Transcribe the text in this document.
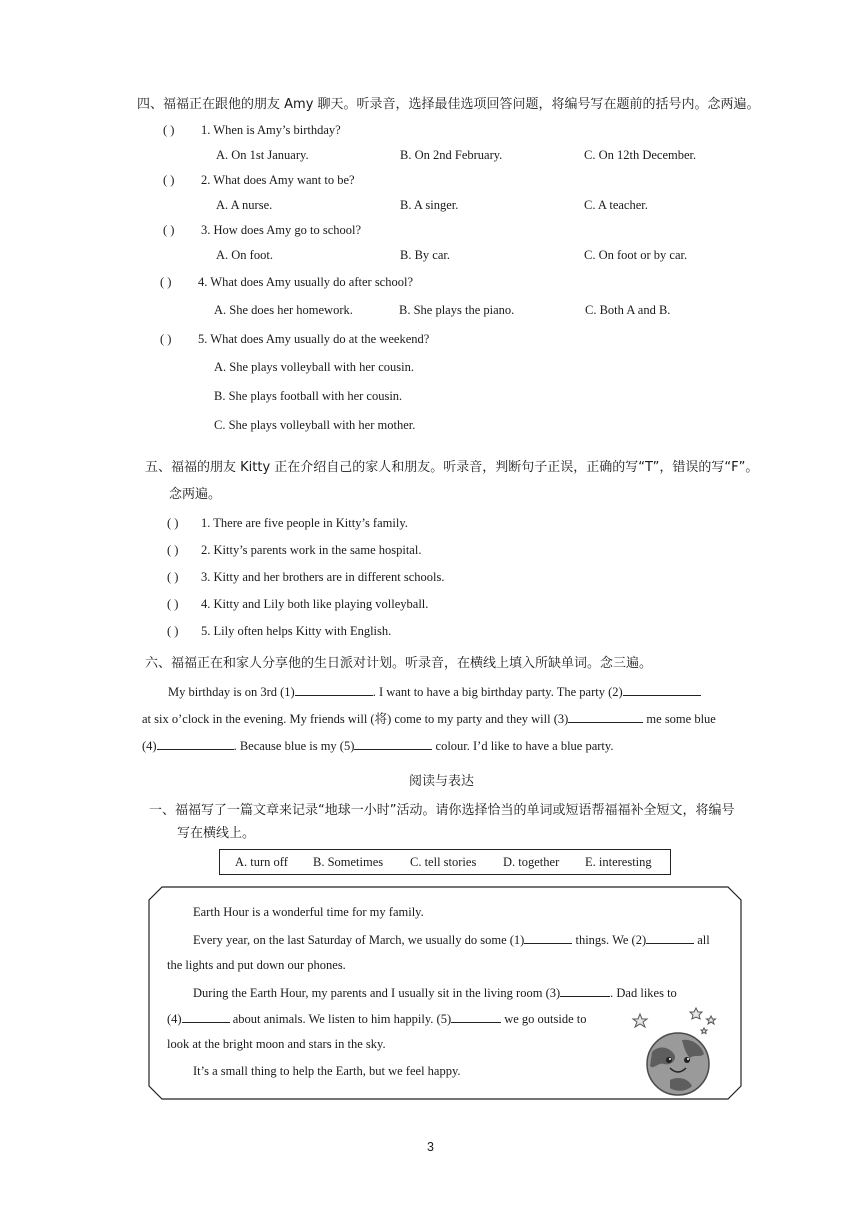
四、福福正在跟他的朋友 Amy 聊天。听录音，选择最佳选项回答问题，将编号写在题前的括号内。念两遍。
( ) 1. When is Amy’s birthday?
A. On 1st January.	B. On 2nd February.	C. On 12th December.
( ) 2. What does Amy want to be?
A. A nurse.	B. A singer.	C. A teacher.
( ) 3. How does Amy go to school?
A. On foot.	B. By car.	C. On foot or by car.
( ) 4. What does Amy usually do after school?
A. She does her homework.	B. She plays the piano.	C. Both A and B.
( ) 5. What does Amy usually do at the weekend?
A. She plays volleyball with her cousin.
B. She plays football with her cousin.
C. She plays volleyball with her mother.
五、福福的朋友 Kitty 正在介绍自己的家人和朋友。听录音，判断句子正误，正确的写“T”，错误的写“F”。
念两遍。
( ) 1. There are five people in Kitty’s family.
( ) 2. Kitty’s parents work in the same hospital.
( ) 3. Kitty and her brothers are in different schools.
( ) 4. Kitty and Lily both like playing volleyball.
( ) 5. Lily often helps Kitty with English.
六、福福正在和家人分享他的生日派对计划。听录音，在横线上填入所缺单词。念三遍。
My birthday is on 3rd (1)	. I want to have a big birthday party. The party (2)
at six o’clock in the evening. My friends will (将) come to my party and they will (3)	me some blue
(4)	. Because blue is my (5)	colour. I’d like to have a blue party.
阅读与表达
一、福福写了一篇文章来记录“地球一小时”活动。请你选择恰当的单词或短语帮福福补全短文，将编号
写在横线上。
A. turn off B. Sometimes C. tell stories D. together E. interesting
Earth Hour is a wonderful time for my family.
Every year, on the last Saturday of March, we usually do some (1)	things. We (2)	all
the lights and put down our phones.
During the Earth Hour, my parents and I usually sit in the living room (3)	. Dad likes to
(4)	about animals. We listen to him happily. (5)	we go outside to
look at the bright moon and stars in the sky.
It’s a small thing to help the Earth, but we feel happy.
3
